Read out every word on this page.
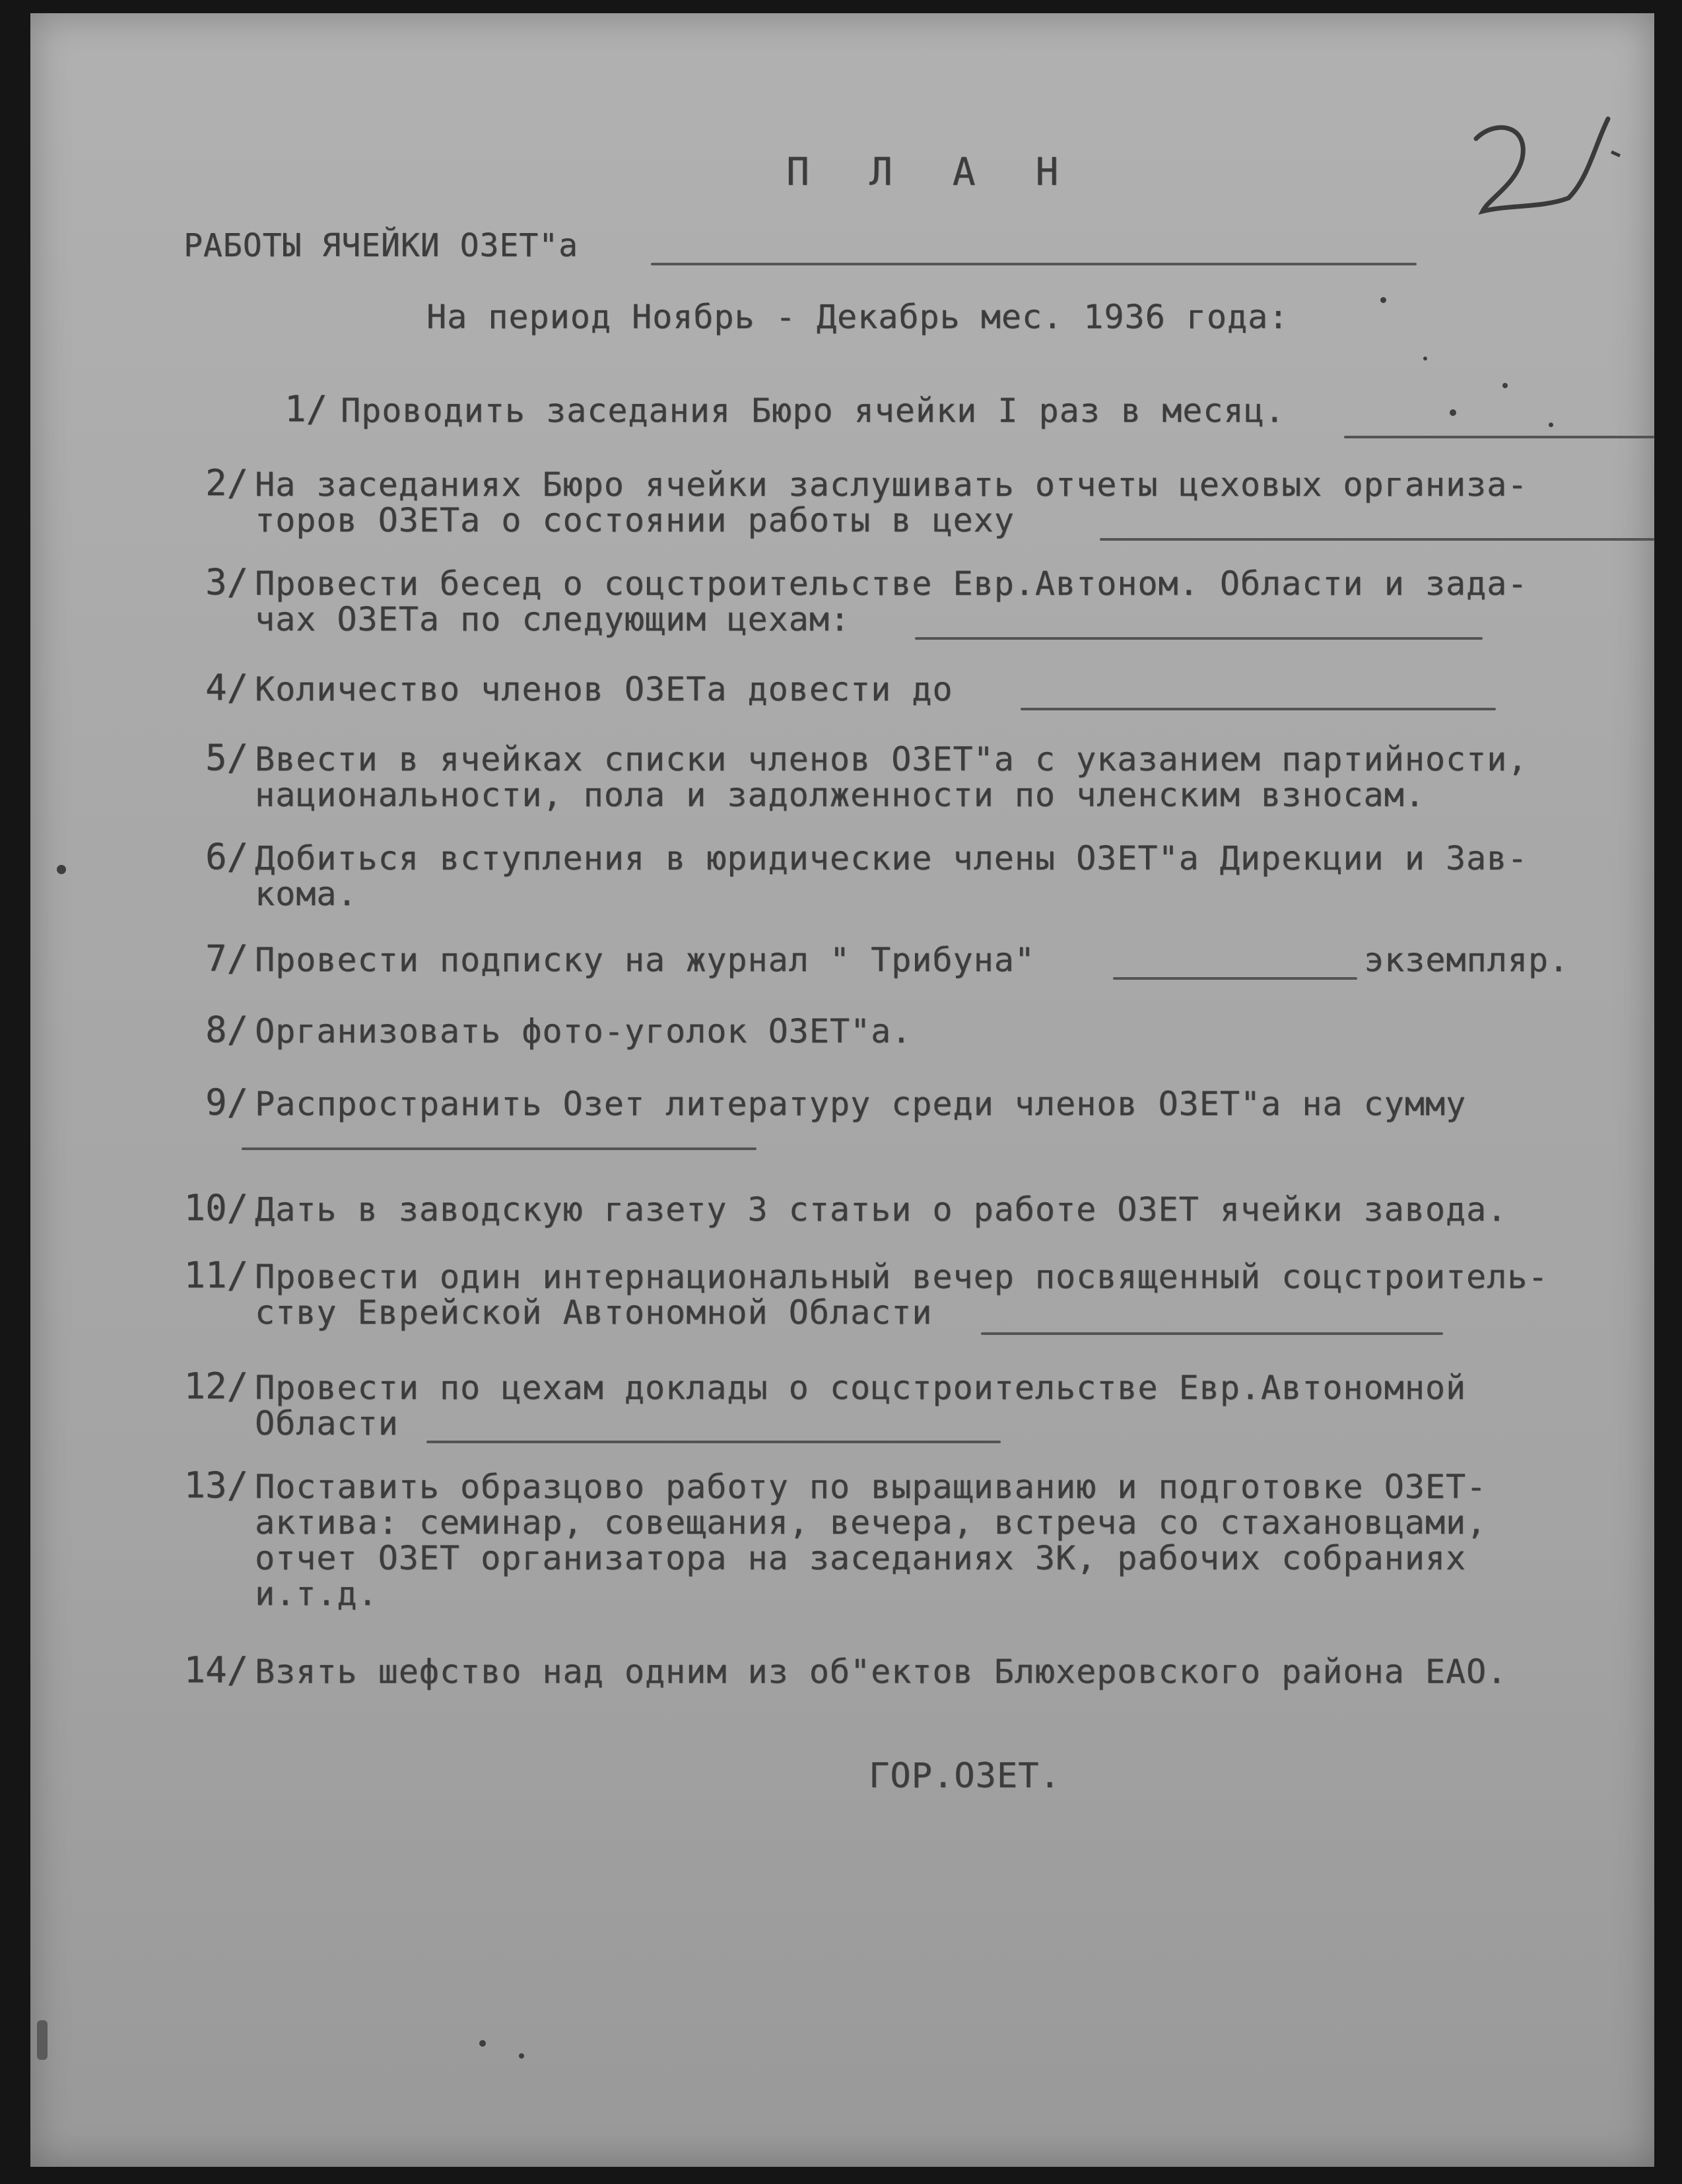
П Л А Н
РАБОТЫ ЯЧЕЙКИ ОЗЕТ"а
На период Ноябрь - Декабрь мес. 1936 года:
1/ Проводить заседания Бюро ячейки I раз в месяц.
2/ На заседаниях Бюро ячейки заслушивать отчеты цеховых организа-
торов ОЗЕТа о состоянии работы в цеху
3/ Провести бесед о соцстроительстве Евр.Автоном. Области и зада-
чах ОЗЕТа по следующим цехам:
4/ Количество членов ОЗЕТа довести до
5/ Ввести в ячейках списки членов ОЗЕТ"а с указанием партийности,
национальности, пола и задолженности по членским взносам.
6/ Добиться вступления в юридические члены ОЗЕТ"а Дирекции и Зав-
кома.
7/ Провести подписку на журнал " Трибуна"	экземпляр.
8/ Организовать фото-уголок ОЗЕТ"а.
9/ Распространить Озет литературу среди членов ОЗЕТ"а на сумму
10/ Дать в заводскую газету 3 статьи о работе ОЗЕТ ячейки завода.
11/ Провести один интернациональный вечер посвященный соцстроитель-
ству Еврейской Автономной Области
12/ Провести по цехам доклады о соцстроительстве Евр.Автономной
Области
13/ Поставить образцово работу по выращиванию и подготовке ОЗЕТ-
актива: семинар, совещания, вечера, встреча со стахановцами,
отчет ОЗЕТ организатора на заседаниях ЗК, рабочих собраниях
и.т.д.
14/ Взять шефство над одним из об"ектов Блюхеровского района ЕАО.
ГОР.ОЗЕТ.
